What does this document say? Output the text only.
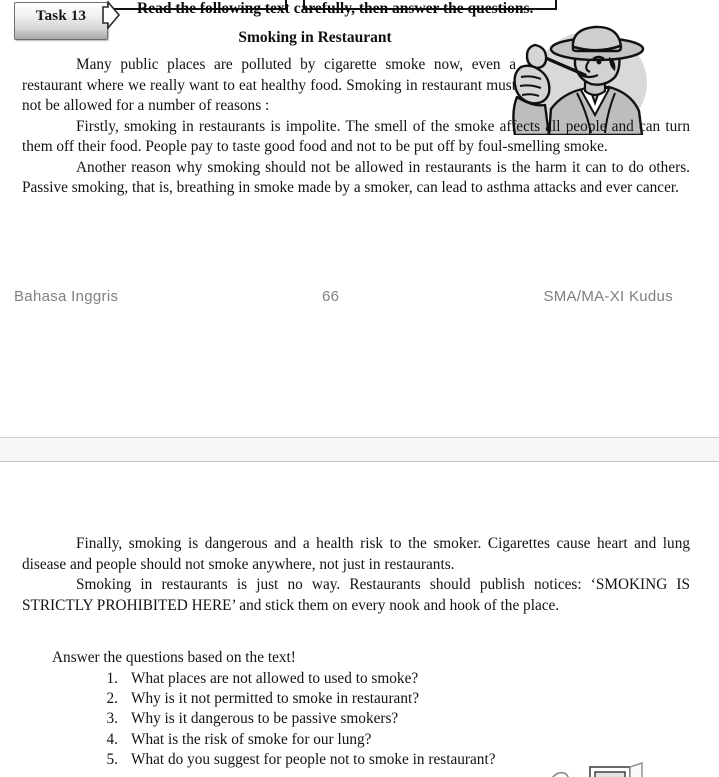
Task 13	Read the following text carefully, then answer the questions.
Smoking in Restaurant

Many public places are polluted by cigarette smoke now, even a restaurant where we really want to eat healthy food. Smoking in restaurant must not be allowed for a number of reasons :

Firstly, smoking in restaurants is impolite. The smell of the smoke affects all people and can turn them off their food. People pay to taste good food and not to be put off by foul-smelling smoke.

Another reason why smoking should not be allowed in restaurants is the harm it can to do others. Passive smoking, that is, breathing in smoke made by a smoker, can lead to asthma attacks and ever cancer.

Bahasa Inggris	66	SMA/MA-XI Kudus

Finally, smoking is dangerous and a health risk to the smoker. Cigarettes cause heart and lung disease and people should not smoke anywhere, not just in restaurants.

Smoking in restaurants is just no way. Restaurants should publish notices: ‘SMOKING IS STRICTLY PROHIBITED HERE’ and stick them on every nook and hook of the place.

Answer the questions based on the text!

1. What places are not allowed to used to smoke?
2. Why is it not permitted to smoke in restaurant?
3. Why is it dangerous to be passive smokers?
4. What is the risk of smoke for our lung?
5. What do you suggest for people not to smoke in restaurant?
